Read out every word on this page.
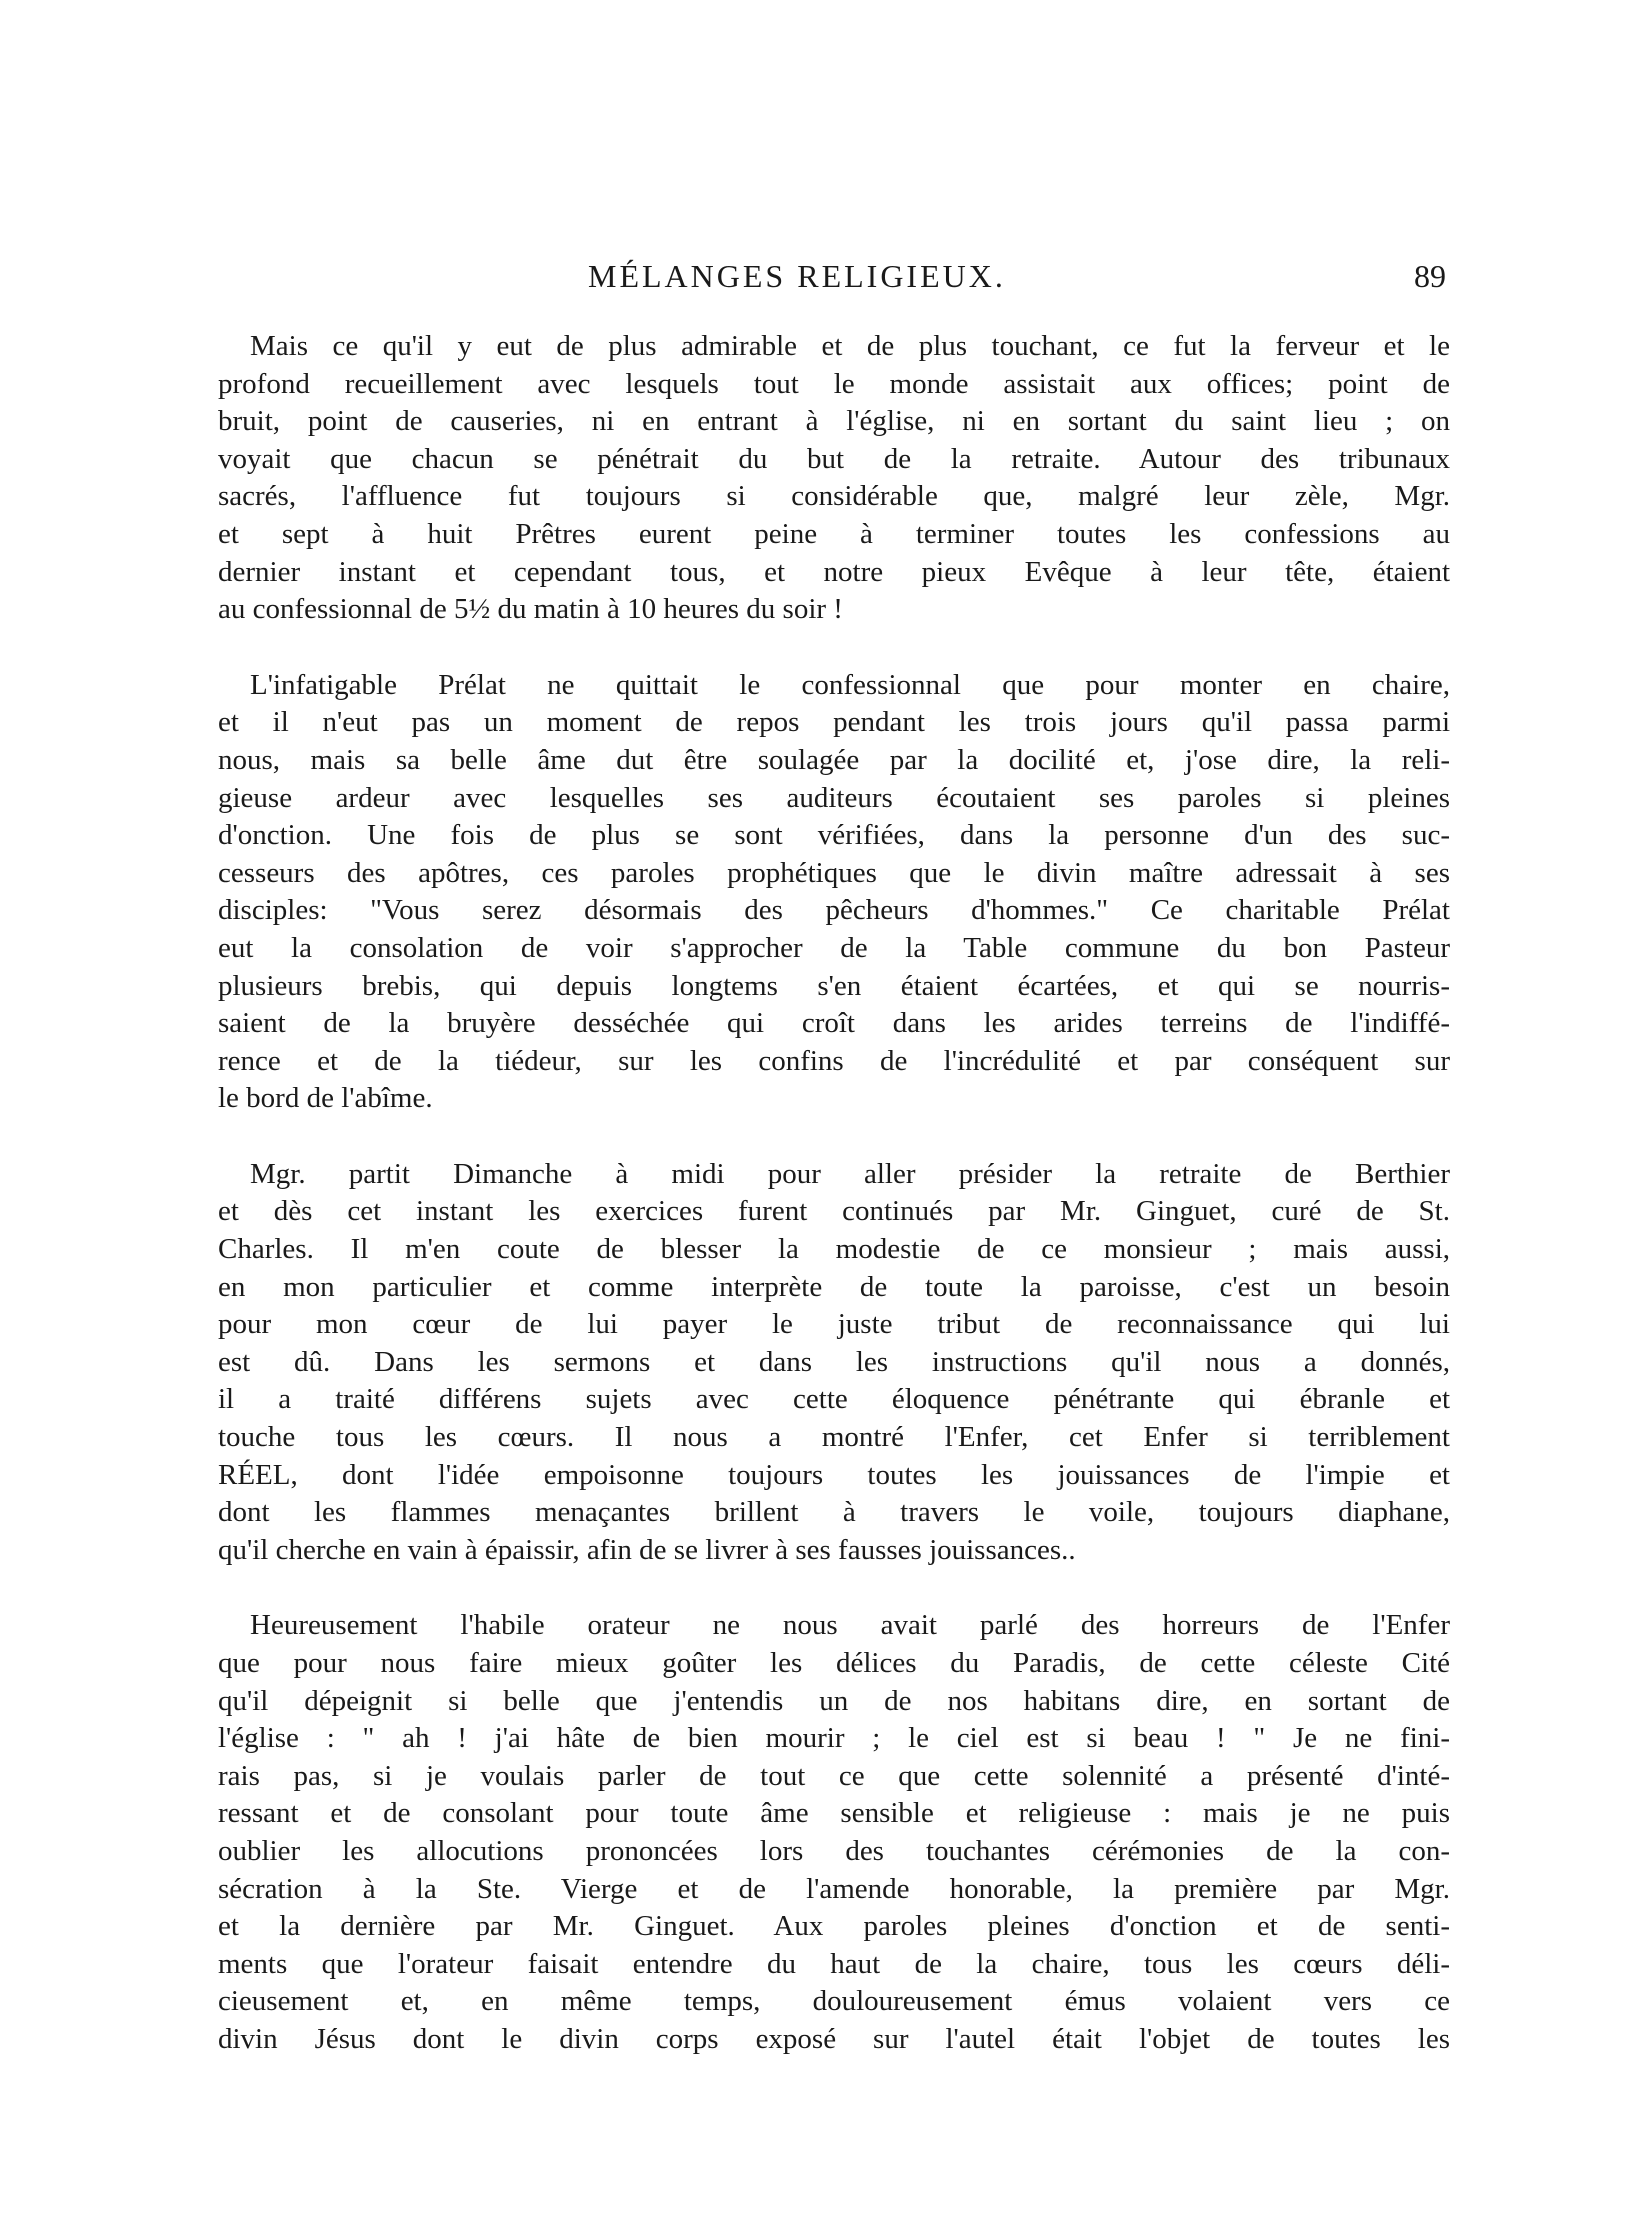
MÉLANGES RELIGIEUX.	89
Mais ce qu'il y eut de plus admirable et de plus touchant, ce fut la ferveur et le
profond recueillement avec lesquels tout le monde assistait aux offices; point de
bruit, point de causeries, ni en entrant à l'église, ni en sortant du saint lieu ; on
voyait que chacun se pénétrait du but de la retraite. Autour des tribunaux
sacrés, l'affluence fut toujours si considérable que, malgré leur zèle, Mgr.
et sept à huit Prêtres eurent peine à terminer toutes les confessions au
dernier instant et cependant tous, et notre pieux Evêque à leur tête, étaient
au confessionnal de 5½ du matin à 10 heures du soir !
L'infatigable Prélat ne quittait le confessionnal que pour monter en chaire,
et il n'eut pas un moment de repos pendant les trois jours qu'il passa parmi
nous, mais sa belle âme dut être soulagée par la docilité et, j'ose dire, la reli-
gieuse ardeur avec lesquelles ses auditeurs écoutaient ses paroles si pleines
d'onction. Une fois de plus se sont vérifiées, dans la personne d'un des suc-
cesseurs des apôtres, ces paroles prophétiques que le divin maître adressait à ses
disciples: "Vous serez désormais des pêcheurs d'hommes." Ce charitable Prélat
eut la consolation de voir s'approcher de la Table commune du bon Pasteur
plusieurs brebis, qui depuis longtems s'en étaient écartées, et qui se nourris-
saient de la bruyère desséchée qui croît dans les arides terreins de l'indiffé-
rence et de la tiédeur, sur les confins de l'incrédulité et par conséquent sur
le bord de l'abîme.
Mgr. partit Dimanche à midi pour aller présider la retraite de Berthier
et dès cet instant les exercices furent continués par Mr. Ginguet, curé de St.
Charles. Il m'en coute de blesser la modestie de ce monsieur ; mais aussi,
en mon particulier et comme interprète de toute la paroisse, c'est un besoin
pour mon cœur de lui payer le juste tribut de reconnaissance qui lui
est dû. Dans les sermons et dans les instructions qu'il nous a donnés,
il a traité différens sujets avec cette éloquence pénétrante qui ébranle et
touche tous les cœurs. Il nous a montré l'Enfer, cet Enfer si terriblement
RÉEL, dont l'idée empoisonne toujours toutes les jouissances de l'impie et
dont les flammes menaçantes brillent à travers le voile, toujours diaphane,
qu'il cherche en vain à épaissir, afin de se livrer à ses fausses jouissances..
Heureusement l'habile orateur ne nous avait parlé des horreurs de l'Enfer
que pour nous faire mieux goûter les délices du Paradis, de cette céleste Cité
qu'il dépeignit si belle que j'entendis un de nos habitans dire, en sortant de
l'église : " ah ! j'ai hâte de bien mourir ; le ciel est si beau ! " Je ne fini-
rais pas, si je voulais parler de tout ce que cette solennité a présenté d'inté-
ressant et de consolant pour toute âme sensible et religieuse : mais je ne puis
oublier les allocutions prononcées lors des touchantes cérémonies de la con-
sécration à la Ste. Vierge et de l'amende honorable, la première par Mgr.
et la dernière par Mr. Ginguet. Aux paroles pleines d'onction et de senti-
ments que l'orateur faisait entendre du haut de la chaire, tous les cœurs déli-
cieusement et, en même temps, douloureusement émus volaient vers ce
divin Jésus dont le divin corps exposé sur l'autel était l'objet de toutes les
